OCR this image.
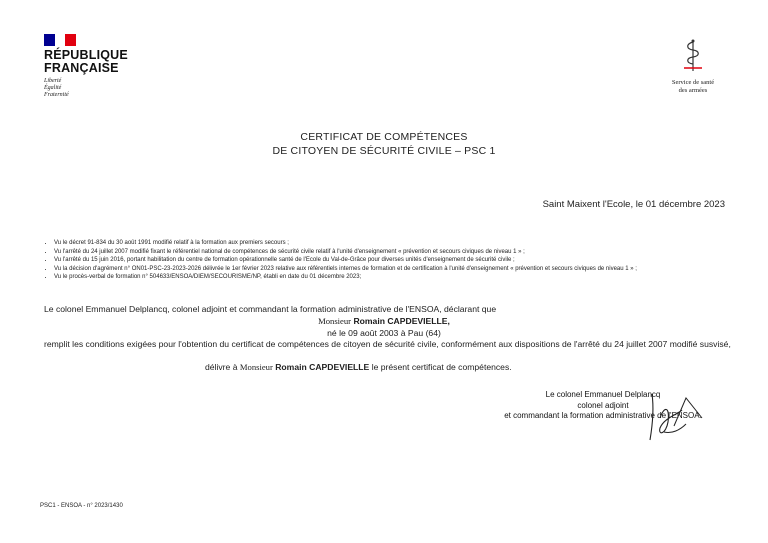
RÉPUBLIQUE
FRANÇAISE
Liberté
Égalité
Fraternité
Service de santé
des armées
CERTIFICAT DE COMPÉTENCES
DE CITOYEN DE SÉCURITÉ CIVILE – PSC 1
Saint Maixent l'Ecole, le 01 décembre 2023
• Vu le décret 91-834 du 30 août 1991 modifié relatif à la formation aux premiers secours ;
• Vu l'arrêté du 24 juillet 2007 modifié fixant le référentiel national de compétences de sécurité civile relatif à l'unité d'enseignement « prévention et secours civiques de niveau 1 » ;
• Vu l'arrêté du 15 juin 2016, portant habilitation du centre de formation opérationnelle santé de l'Ecole du Val-de-Grâce pour diverses unités d'enseignement de sécurité civile ;
• Vu la décision d'agrément n° ON01-PSC-23-2023-2026 délivrée le 1er février 2023 relative aux référentiels internes de formation et de certification à l'unité d'enseignement « prévention et secours civiques de niveau 1 » ;
• Vu le procès-verbal de formation n° 504633/ENSOA/DIEM/SECOURISME/NP, établi en date du 01 décembre 2023;
Le colonel Emmanuel Delplancq, colonel adjoint et commandant la formation administrative de l'ENSOA, déclarant que
Monsieur Romain CAPDEVIELLE,
né le 09 août 2003 à Pau (64)
remplit les conditions exigées pour l'obtention du certificat de compétences de citoyen de sécurité civile, conformément aux dispositions de l'arrêté du 24 juillet 2007 modifié susvisé,
délivre à Monsieur Romain CAPDEVIELLE le présent certificat de compétences.
Le colonel Emmanuel Delplancq
colonel adjoint
et commandant la formation administrative de l'ENSOA.
PSC1 - ENSOA - n° 2023/1430
